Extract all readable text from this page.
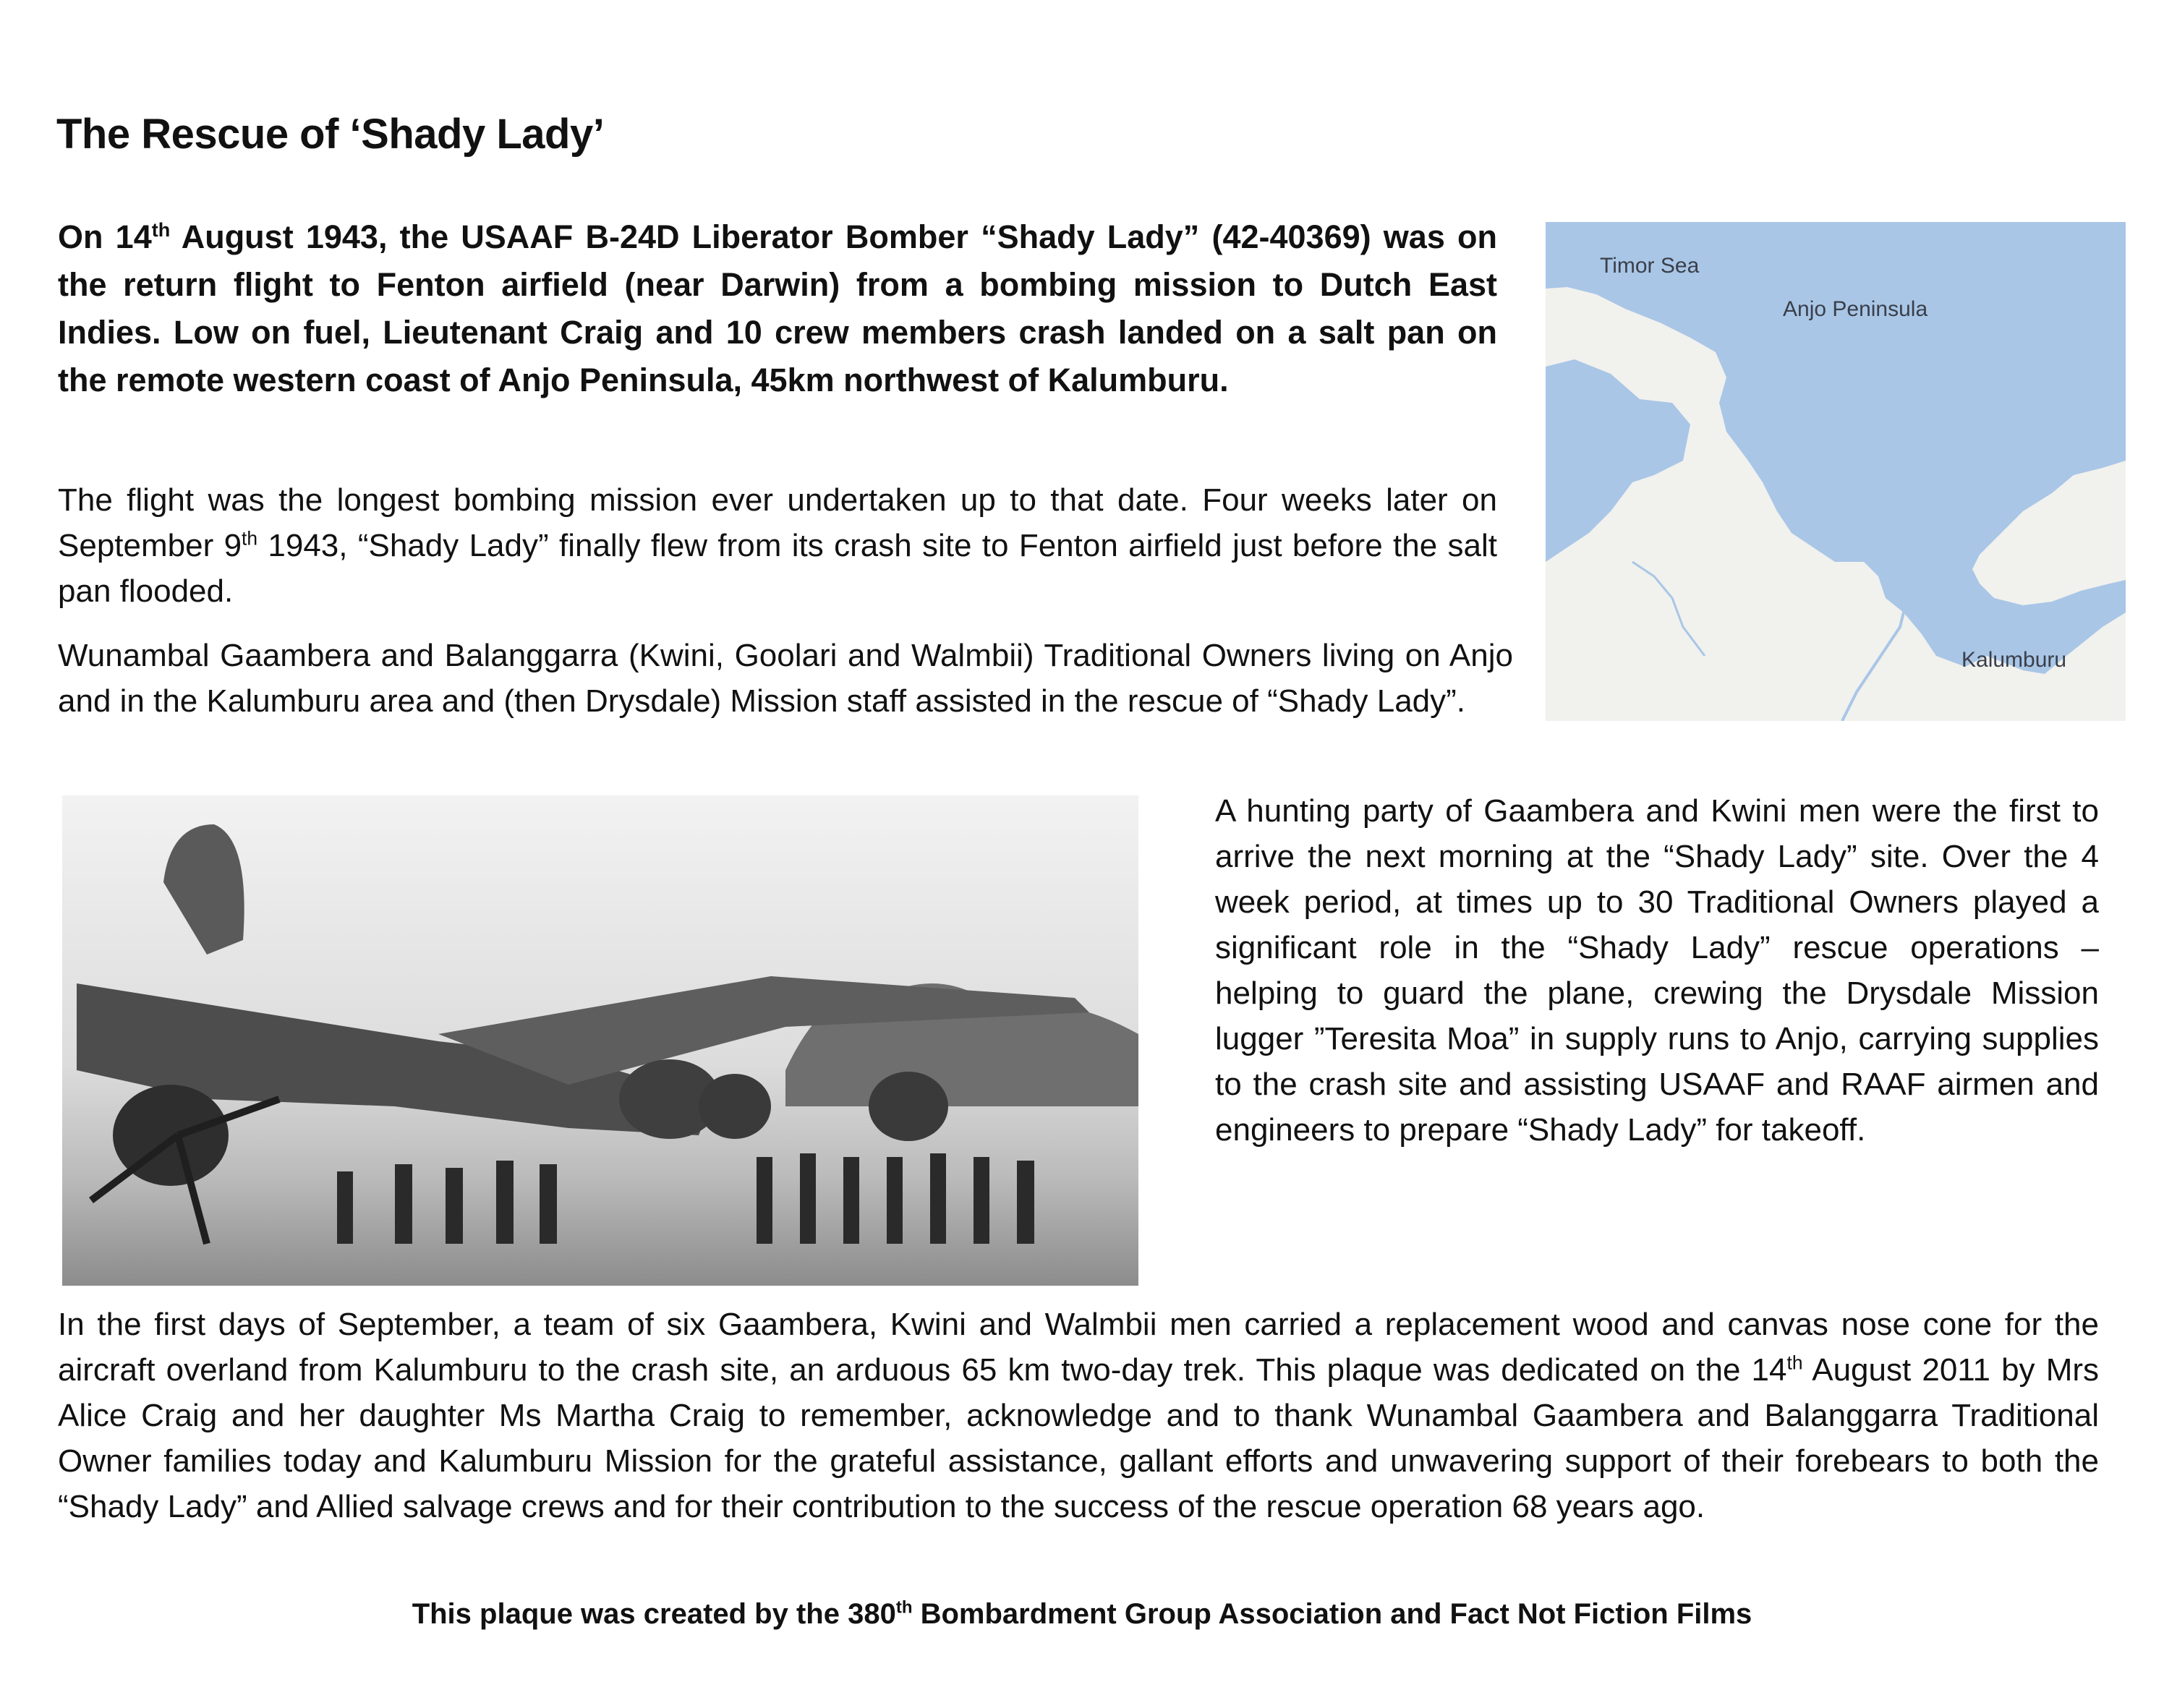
The Rescue of ‘Shady Lady’
On 14th August 1943, the USAAF B-24D Liberator Bomber “Shady Lady” (42-40369) was on the return flight to Fenton airfield (near Darwin) from a bombing mission to Dutch East Indies. Low on fuel, Lieutenant Craig and 10 crew members crash landed on a salt pan on the remote western coast of Anjo Peninsula, 45km northwest of Kalumburu.
The flight was the longest bombing mission ever undertaken up to that date. Four weeks later on September 9th 1943, “Shady Lady” finally flew from its crash site to Fenton airfield just before the salt pan flooded.
Wunambal Gaambera and Balanggarra (Kwini, Goolari and Walmbii) Traditional Owners living on Anjo and in the Kalumburu area and (then Drysdale) Mission staff assisted in the rescue of “Shady Lady”.
Timor Sea
Anjo Peninsula
Kalumburu
A hunting party of Gaambera and Kwini men were the first to arrive the next morning at the “Shady Lady” site. Over the 4 week period, at times up to 30 Traditional Owners played a significant role in the “Shady Lady” rescue operations – helping to guard the plane, crewing the Drysdale Mission lugger ”Teresita Moa” in supply runs to Anjo, carrying supplies to the crash site and assisting USAAF and RAAF airmen and engineers to prepare “Shady Lady” for takeoff.
In the first days of September, a team of six Gaambera, Kwini and Walmbii men carried a replacement wood and canvas nose cone for the aircraft overland from Kalumburu to the crash site, an arduous 65 km two-day trek. This plaque was dedicated on the 14th August 2011 by Mrs Alice Craig and her daughter Ms Martha Craig to remember, acknowledge and to thank Wunambal Gaambera and Balanggarra Traditional Owner families today and Kalumburu Mission for the grateful assistance, gallant efforts and unwavering support of their forebears to both the “Shady Lady” and Allied salvage crews and for their contribution to the success of the rescue operation 68 years ago.
This plaque was created by the 380th Bombardment Group Association and Fact Not Fiction Films
